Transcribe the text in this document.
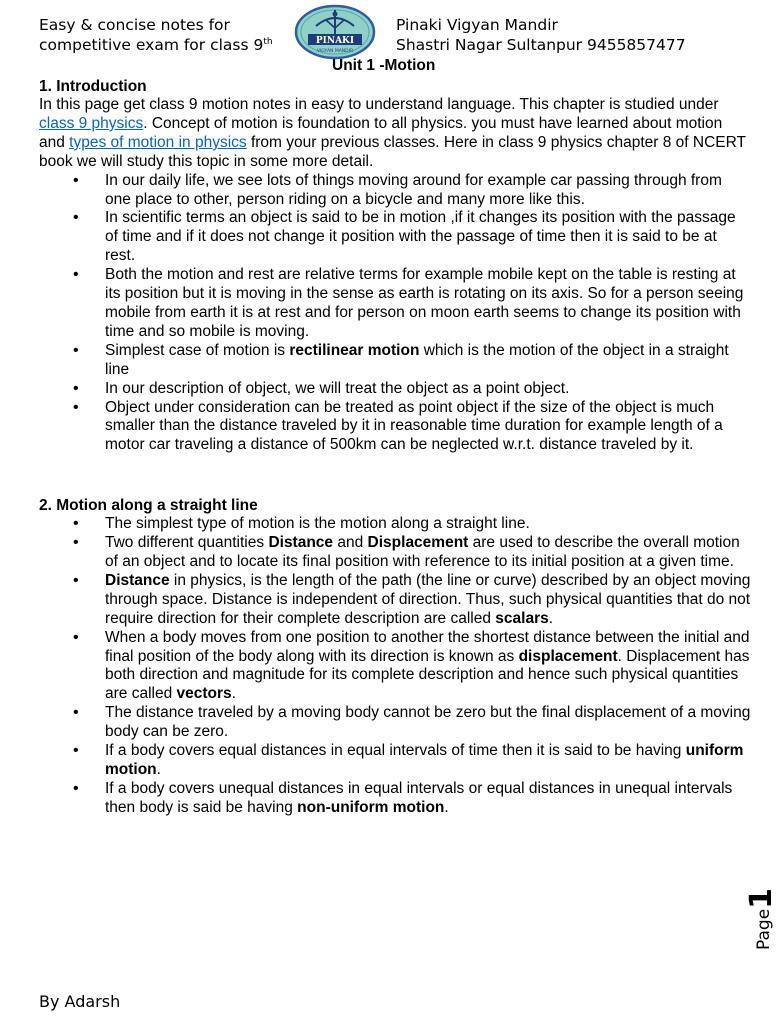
Easy & concise notes for
competitive exam for class 9th	PINAKI
VIGYAN MANDIR
Pinaki Vigyan Mandir
Shastri Nagar Sultanpur 9455857477
Unit 1 -Motion
1. Introduction

In this page get class 9 motion notes in easy to understand language. This chapter is studied under class 9 physics. Concept of motion is foundation to all physics. you must have learned about motion and types of motion in physics from your previous classes. Here in class 9 physics chapter 8 of NCERT book we will study this topic in some more detail.

• In our daily life, we see lots of things moving around for example car passing through from one place to other, person riding on a bicycle and many more like this.
• In scientific terms an object is said to be in motion ,if it changes its position with the passage of time and if it does not change it position with the passage of time then it is said to be at rest.
• Both the motion and rest are relative terms for example mobile kept on the table is resting at its position but it is moving in the sense as earth is rotating on its axis. So for a person seeing mobile from earth it is at rest and for person on moon earth seems to change its position with time and so mobile is moving.
• Simplest case of motion is rectilinear motion which is the motion of the object in a straight line
• In our description of object, we will treat the object as a point object.
• Object under consideration can be treated as point object if the size of the object is much smaller than the distance traveled by it in reasonable time duration for example length of a motor car traveling a distance of 500km can be neglected w.r.t. distance traveled by it.
2. Motion along a straight line
• The simplest type of motion is the motion along a straight line.
• Two different quantities Distance and Displacement are used to describe the overall motion of an object and to locate its final position with reference to its initial position at a given time.
• Distance in physics, is the length of the path (the line or curve) described by an object moving through space. Distance is independent of direction. Thus, such physical quantities that do not require direction for their complete description are called scalars.
• When a body moves from one position to another the shortest distance between the initial and final position of the body along with its direction is known as displacement. Displacement has both direction and magnitude for its complete description and hence such physical quantities are called vectors.
• The distance traveled by a moving body cannot be zero but the final displacement of a moving body can be zero.
• If a body covers equal distances in equal intervals of time then it is said to be having uniform motion.
• If a body covers unequal distances in equal intervals or equal distances in unequal intervals then body is said be having non-uniform motion.
Page1
By Adarsh
